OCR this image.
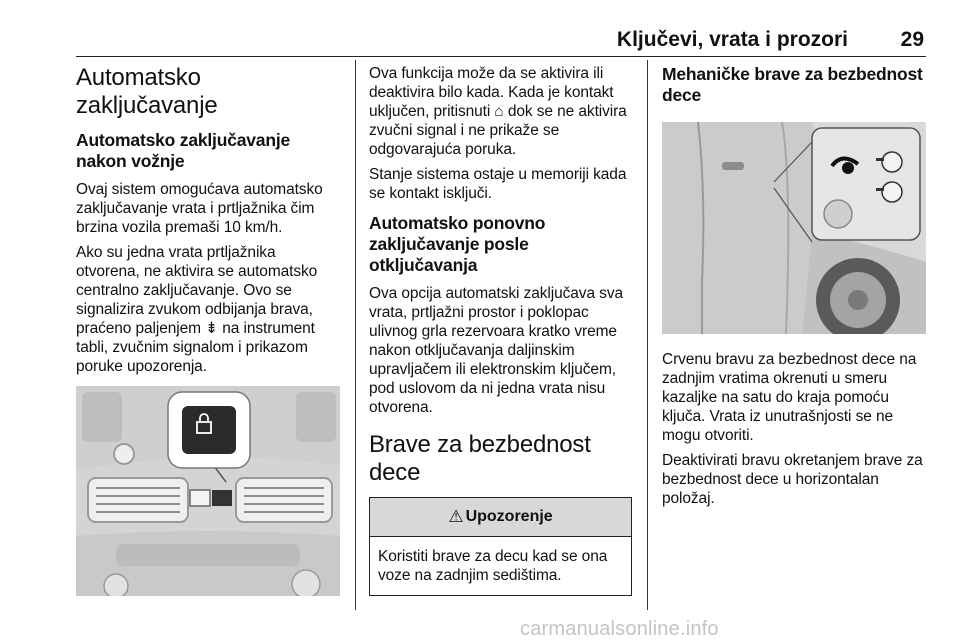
Ključevi, vrata i prozori	29
Automatsko zaključavanje
Automatsko zaključavanje nakon vožnje

Ovaj sistem omogućava automatsko zaključavanje vrata i prtljažnika čim brzina vozila premaši 10 km/h.

Ako su jedna vrata prtljažnika otvorena, ne aktivira se automatsko centralno zaključavanje. Ovo se signalizira zvukom odbijanja brava, praćeno paljenjem ⇟ na instrument tabli, zvučnim signalom i prikazom poruke upozorenja.

Ova funkcija može da se aktivira ili deaktivira bilo kada. Kada je kontakt uključen, pritisnuti ⌂ dok se ne aktivira zvučni signal i ne prikaže se odgovarajuća poruka.

Stanje sistema ostaje u memoriji kada se kontakt isključi.

Automatsko ponovno zaključavanje posle otključavanja

Ova opcija automatski zaključava sva vrata, prtljažni prostor i poklopac ulivnog grla rezervoara kratko vreme nakon otključavanja daljinskim upravljačem ili elektronskim ključem, pod uslovom da ni jedna vrata nisu otvorena.

Brave za bezbednost dece
⚠ Upozorenje

Koristiti brave za decu kad se ona voze na zadnjim sedištima.

Mehaničke brave za bezbednost dece

Crvenu bravu za bezbednost dece na zadnjim vratima okrenuti u smeru kazaljke na satu do kraja pomoću ključa. Vrata iz unutrašnjosti se ne mogu otvoriti.

Deaktivirati bravu okretanjem brave za bezbednost dece u horizontalan položaj.

carmanualsonline.info
